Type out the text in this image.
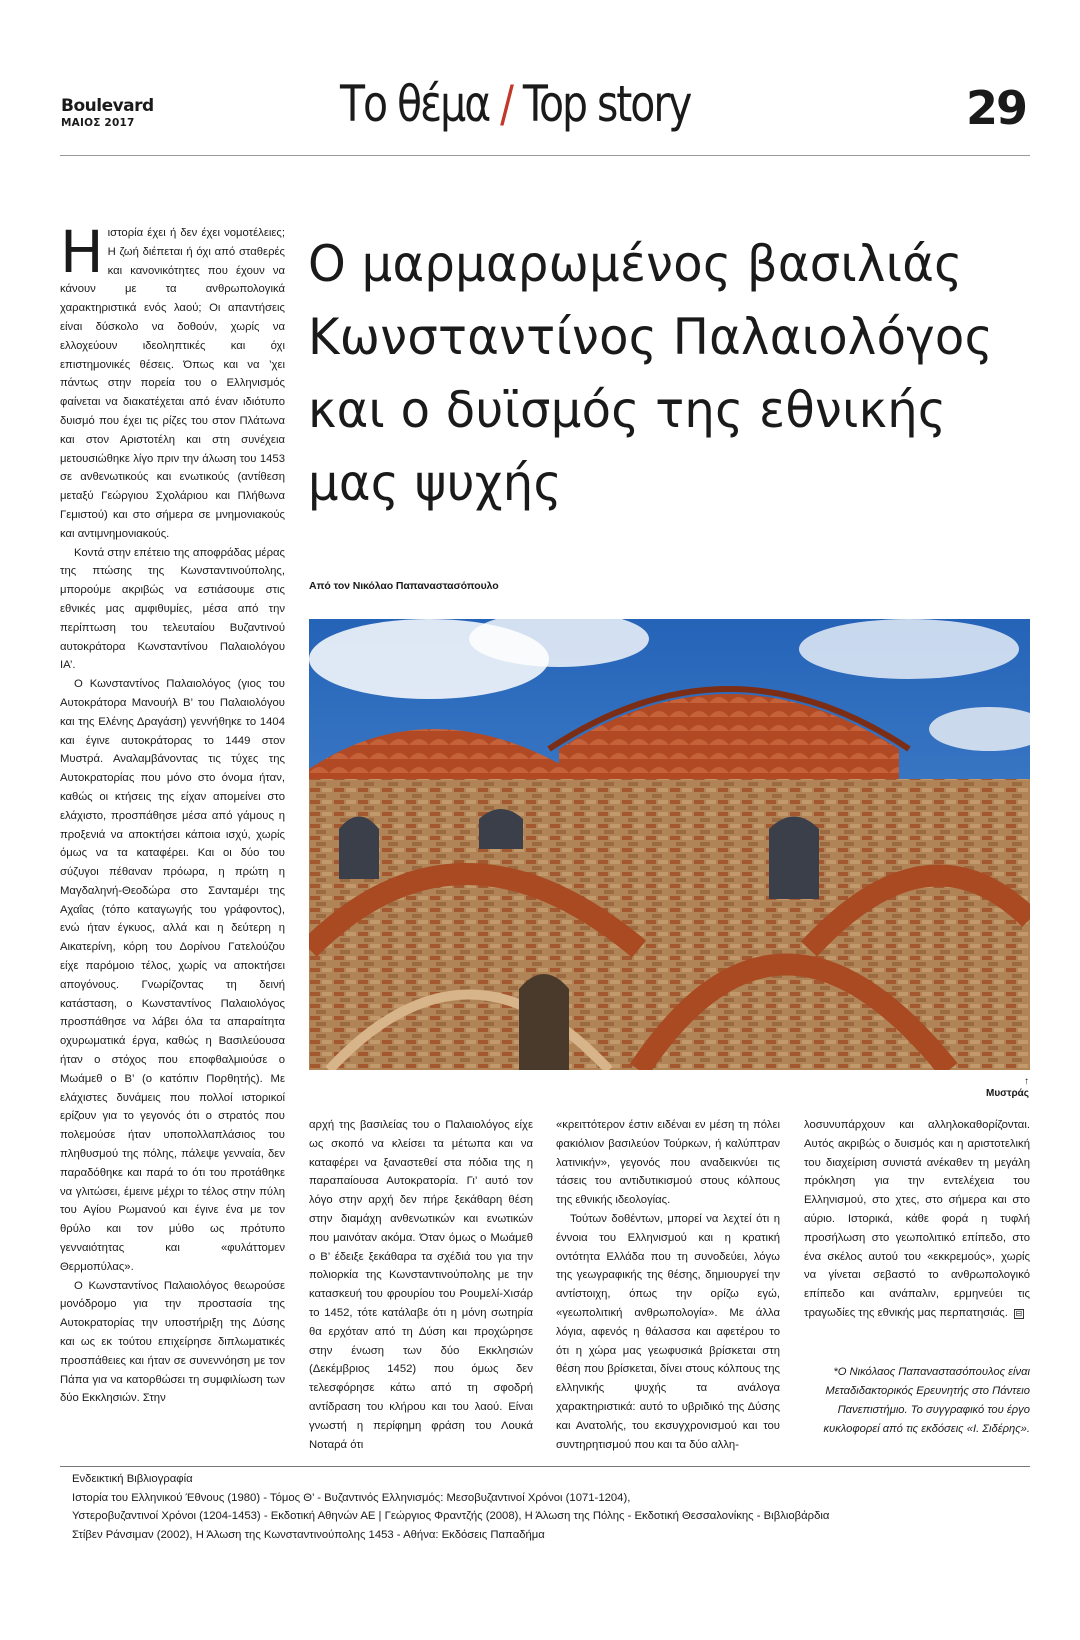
Boulevard
ΜΑΙΟΣ 2017	Το θέμα / Top story	29
Ο μαρμαρωμένος βασιλιάς
Κωνσταντίνος Παλαιολόγος
και ο δυϊσμός της εθνικής
μας ψυχής
Από τον Νικόλαο Παπαναστασόπουλο
↑
Μυστράς

Ηιστορία έχει ή δεν έχει νομοτέλειες; Η ζωή διέπεται ή όχι από σταθερές και κανονικότητες που έχουν να κάνουν με τα ανθρωπολογικά χαρακτηριστικά ενός λαού; Οι απαντήσεις είναι δύσκολο να δοθούν, χωρίς να ελλοχεύουν ιδεοληπτικές και όχι επιστημονικές θέσεις. Όπως και να ’χει πάντως στην πορεία του ο Ελληνισμός φαίνεται να διακατέχεται από έναν ιδιότυπο δυισμό που έχει τις ρίζες του στον Πλάτωνα και στον Αριστοτέλη και στη συνέχεια μετουσιώθηκε λίγο πριν την άλωση του 1453 σε ανθενωτικούς και ενωτικούς (αντίθεση μεταξύ Γεώργιου Σχολάριου και Πλήθωνα Γεμιστού) και στο σήμερα σε μνημονιακούς και αντιμνημονιακούς.

Κοντά στην επέτειο της αποφράδας μέρας της πτώσης της Κωνσταντινούπολης, μπορούμε ακριβώς να εστιάσουμε στις εθνικές μας αμφιθυμίες, μέσα από την περίπτωση του τελευταίου Βυζαντινού αυτοκράτορα Κωνσταντίνου Παλαιολόγου ΙΑ’.

Ο Κωνσταντίνος Παλαιολόγος (γιος του Αυτοκράτορα Μανουήλ Β’ του Παλαιολόγου και της Ελένης Δραγάση) γεννήθηκε το 1404 και έγινε αυτοκράτορας το 1449 στον Μυστρά. Αναλαμβάνοντας τις τύχες της Αυτοκρατορίας που μόνο στο όνομα ήταν, καθώς οι κτήσεις της είχαν απομείνει στο ελάχιστο, προσπάθησε μέσα από γάμους η προξενιά να αποκτήσει κάποια ισχύ, χωρίς όμως να τα καταφέρει. Και οι δύο του σύζυγοι πέθαναν πρόωρα, η πρώτη η Μαγδαληνή-Θεοδώρα στο Σανταμέρι της Αχαΐας (τόπο καταγωγής του γράφοντος), ενώ ήταν έγκυος, αλλά και η δεύτερη η Αικατερίνη, κόρη του Δορίνου Γατελούζου είχε παρόμοιο τέλος, χωρίς να αποκτήσει απογόνους. Γνωρίζοντας τη δεινή κατάσταση, ο Κωνσταντίνος Παλαιολόγος προσπάθησε να λάβει όλα τα απαραίτητα οχυρωματικά έργα, καθώς η Βασιλεύουσα ήταν ο στόχος που εποφθαλμιούσε ο Μωάμεθ ο Β’ (ο κατόπιν Πορθητής). Με ελάχιστες δυνάμεις που πολλοί ιστορικοί ερίζουν για το γεγονός ότι ο στρατός που πολεμούσε ήταν υποπολλαπλάσιος του πληθυσμού της πόλης, πάλεψε γενναία, δεν παραδόθηκε και παρά το ότι του προτάθηκε να γλιτώσει, έμεινε μέχρι το τέλος στην πύλη του Αγίου Ρωμανού και έγινε ένα με τον θρύλο και τον μύθο ως πρότυπο γενναιότητας και «φυλάττομεν Θερμοπύλας».

Ο Κωνσταντίνος Παλαιολόγος θεωρούσε μονόδρομο για την προστασία της Αυτοκρατορίας την υποστήριξη της Δύσης και ως εκ τούτου επιχείρησε διπλωματικές προσπάθειες και ήταν σε συνεννόηση με τον Πάπα για να κατορθώσει τη συμφιλίωση των δύο Εκκλησιών. Στην

αρχή της βασιλείας του ο Παλαιολόγος είχε ως σκοπό να κλείσει τα μέτωπα και να καταφέρει να ξαναστεθεί στα πόδια της η παραπαίουσα Αυτοκρατορία. Γι’ αυτό τον λόγο στην αρχή δεν πήρε ξεκάθαρη θέση στην διαμάχη ανθενωτικών και ενωτικών που μαινόταν ακόμα. Όταν όμως ο Μωάμεθ ο Β’ έδειξε ξεκάθαρα τα σχέδιά του για την πολιορκία της Κωνσταντινούπολης με την κατασκευή του φρουρίου του Ρουμελί-Χισάρ το 1452, τότε κατάλαβε ότι η μόνη σωτηρία θα ερχόταν από τη Δύση και προχώρησε στην ένωση των δύο Εκκλησιών (Δεκέμβριος 1452) που όμως δεν τελεσφόρησε κάτω από τη σφοδρή αντίδραση του κλήρου και του λαού. Είναι γνωστή η περίφημη φράση του Λουκά Νοταρά ότι

«κρειττότερον έστιν ειδέναι εν μέση τη πόλει φακιόλιον βασιλεύον Τούρκων, ή καλύπτραν λατινικήν», γεγονός που αναδεικνύει τις τάσεις του αντιδυτικισμού στους κόλπους της εθνικής ιδεολογίας.

Τούτων δοθέντων, μπορεί να λεχτεί ότι η έννοια του Ελληνισμού και η κρατική οντότητα Ελλάδα που τη συνοδεύει, λόγω της γεωγραφικής της θέσης, δημιουργεί την αντίστοιχη, όπως την ορίζω εγώ, «γεωπολιτική ανθρωπολογία». Με άλλα λόγια, αφενός η θάλασσα και αφετέρου το ότι η χώρα μας γεωφυσικά βρίσκεται στη θέση που βρίσκεται, δίνει στους κόλπους της ελληνικής ψυχής τα ανάλογα χαρακτηριστικά: αυτό το υβριδικό της Δύσης και Ανατολής, του εκσυγχρονισμού και του συντηρητισμού που και τα δύο αλλη-

λοσυνυπάρχουν και αλληλοκαθορίζονται. Αυτός ακριβώς ο δυισμός και η αριστοτελική του διαχείριση συνιστά ανέκαθεν τη μεγάλη πρόκληση για την εντελέχεια του Ελληνισμού, στο χτες, στο σήμερα και στο αύριο. Ιστορικά, κάθε φορά η τυφλή προσήλωση στο γεωπολιτικό επίπεδο, στο ένα σκέλος αυτού του «εκκρεμούς», χωρίς να γίνεται σεβαστό το ανθρωπολογικό επίπεδο και ανάπαλιν, ερμηνεύει τις τραγωδίες της εθνικής μας περπατησιάς. ⊟

*Ο Νικόλαος Παπαναστασόπουλος είναι Μεταδιδακτορικός Ερευνητής στο Πάντειο Πανεπιστήμιο. Το συγγραφικό του έργο κυκλοφορεί από τις εκδόσεις «Ι. Σιδέρης».
Ενδεικτική Βιβλιογραφία
Ιστορία του Ελληνικού Έθνους (1980) - Τόμος Θ’ - Βυζαντινός Ελληνισμός: Μεσοβυζαντινοί Χρόνοι (1071-1204),
Υστεροβυζαντινοί Χρόνοι (1204-1453) - Εκδοτική Αθηνών ΑΕ | Γεώργιος Φραντζής (2008), Η Άλωση της Πόλης - Εκδοτική Θεσσαλονίκης - Βιβλιοβάρδια
Στίβεν Ράνσιμαν (2002), Η Άλωση της Κωνσταντινούπολης 1453 - Αθήνα: Εκδόσεις Παπαδήμα
